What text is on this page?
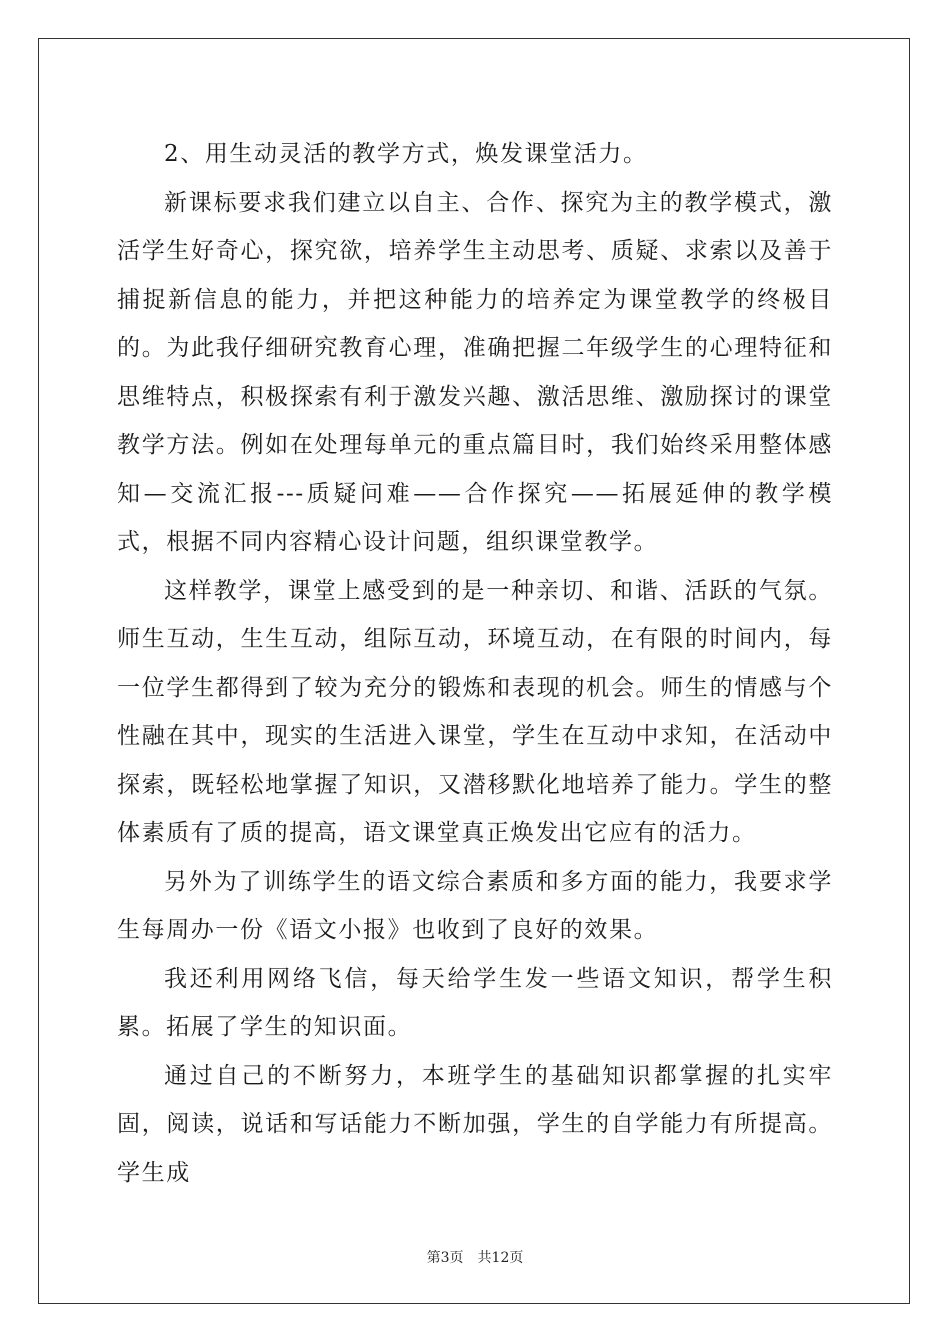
2、用生动灵活的教学方式，焕发课堂活力。

新课标要求我们建立以自主、合作、探究为主的教学模式，激活学生好奇心，探究欲，培养学生主动思考、质疑、求索以及善于捕捉新信息的能力，并把这种能力的培养定为课堂教学的终极目的。为此我仔细研究教育心理，准确把握二年级学生的心理特征和思维特点，积极探索有利于激发兴趣、激活思维、激励探讨的课堂教学方法。例如在处理每单元的重点篇目时，我们始终采用整体感知—交流汇报---质疑问难——合作探究——拓展延伸的教学模式，根据不同内容精心设计问题，组织课堂教学。

这样教学，课堂上感受到的是一种亲切、和谐、活跃的气氛。师生互动，生生互动，组际互动，环境互动，在有限的时间内，每一位学生都得到了较为充分的锻炼和表现的机会。师生的情感与个性融在其中，现实的生活进入课堂，学生在互动中求知，在活动中探索，既轻松地掌握了知识，又潜移默化地培养了能力。学生的整体素质有了质的提高，语文课堂真正焕发出它应有的活力。

另外为了训练学生的语文综合素质和多方面的能力，我要求学生每周办一份《语文小报》也收到了良好的效果。

我还利用网络飞信，每天给学生发一些语文知识，帮学生积累。拓展了学生的知识面。

通过自己的不断努力，本班学生的基础知识都掌握的扎实牢固，阅读，说话和写话能力不断加强，学生的自学能力有所提高。学生成

第3页　共12页
